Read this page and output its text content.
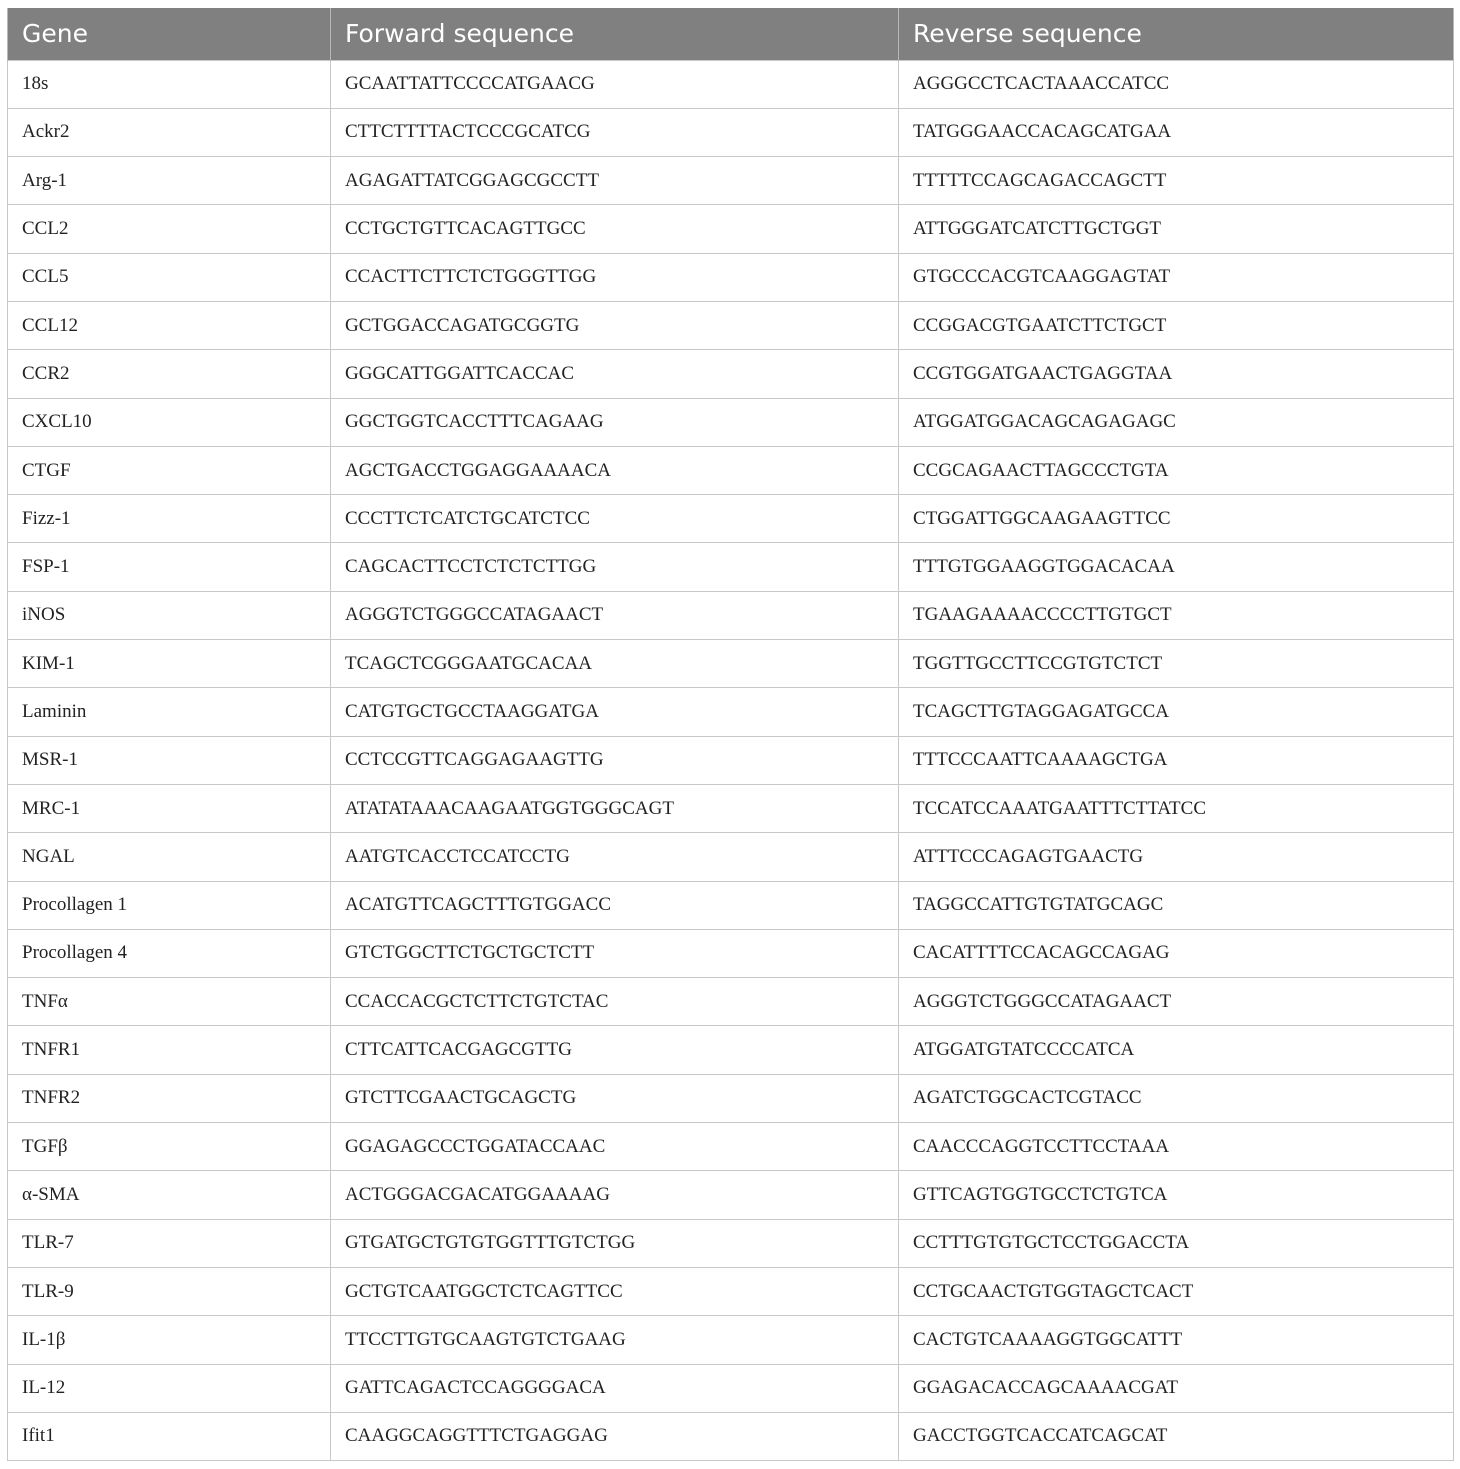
Gene	Forward sequence	Reverse sequence
18s	GCAATTATTCCCCATGAACG	AGGGCCTCACTAAACCATCC
Ackr2	CTTCTTTTACTCCCGCATCG	TATGGGAACCACAGCATGAA
Arg-1	AGAGATTATCGGAGCGCCTT	TTTTTCCAGCAGACCAGCTT
CCL2	CCTGCTGTTCACAGTTGCC	ATTGGGATCATCTTGCTGGT
CCL5	CCACTTCTTCTCTGGGTTGG	GTGCCCACGTCAAGGAGTAT
CCL12	GCTGGACCAGATGCGGTG	CCGGACGTGAATCTTCTGCT
CCR2	GGGCATTGGATTCACCAC	CCGTGGATGAACTGAGGTAA
CXCL10	GGCTGGTCACCTTTCAGAAG	ATGGATGGACAGCAGAGAGC
CTGF	AGCTGACCTGGAGGAAAACA	CCGCAGAACTTAGCCCTGTA
Fizz-1	CCCTTCTCATCTGCATCTCC	CTGGATTGGCAAGAAGTTCC
FSP-1	CAGCACTTCCTCTCTCTTGG	TTTGTGGAAGGTGGACACAA
iNOS	AGGGTCTGGGCCATAGAACT	TGAAGAAAACCCCTTGTGCT
KIM-1	TCAGCTCGGGAATGCACAA	TGGTTGCCTTCCGTGTCTCT
Laminin	CATGTGCTGCCTAAGGATGA	TCAGCTTGTAGGAGATGCCA
MSR-1	CCTCCGTTCAGGAGAAGTTG	TTTCCCAATTCAAAAGCTGA
MRC-1	ATATATAAACAAGAATGGTGGGCAGT	TCCATCCAAATGAATTTCTTATCC
NGAL	AATGTCACCTCCATCCTG	ATTTCCCAGAGTGAACTG
Procollagen 1	ACATGTTCAGCTTTGTGGACC	TAGGCCATTGTGTATGCAGC
Procollagen 4	GTCTGGCTTCTGCTGCTCTT	CACATTTTCCACAGCCAGAG
TNFα	CCACCACGCTCTTCTGTCTAC	AGGGTCTGGGCCATAGAACT
TNFR1	CTTCATTCACGAGCGTTG	ATGGATGTATCCCCATCA
TNFR2	GTCTTCGAACTGCAGCTG	AGATCTGGCACTCGTACC
TGFβ	GGAGAGCCCTGGATACCAAC	CAACCCAGGTCCTTCCTAAA
α-SMA	ACTGGGACGACATGGAAAAG	GTTCAGTGGTGCCTCTGTCA
TLR-7	GTGATGCTGTGTGGTTTGTCTGG	CCTTTGTGTGCTCCTGGACCTA
TLR-9	GCTGTCAATGGCTCTCAGTTCC	CCTGCAACTGTGGTAGCTCACT
IL-1β	TTCCTTGTGCAAGTGTCTGAAG	CACTGTCAAAAGGTGGCATTT
IL-12	GATTCAGACTCCAGGGGACA	GGAGACACCAGCAAAACGAT
Ifit1	CAAGGCAGGTTTCTGAGGAG	GACCTGGTCACCATCAGCAT
